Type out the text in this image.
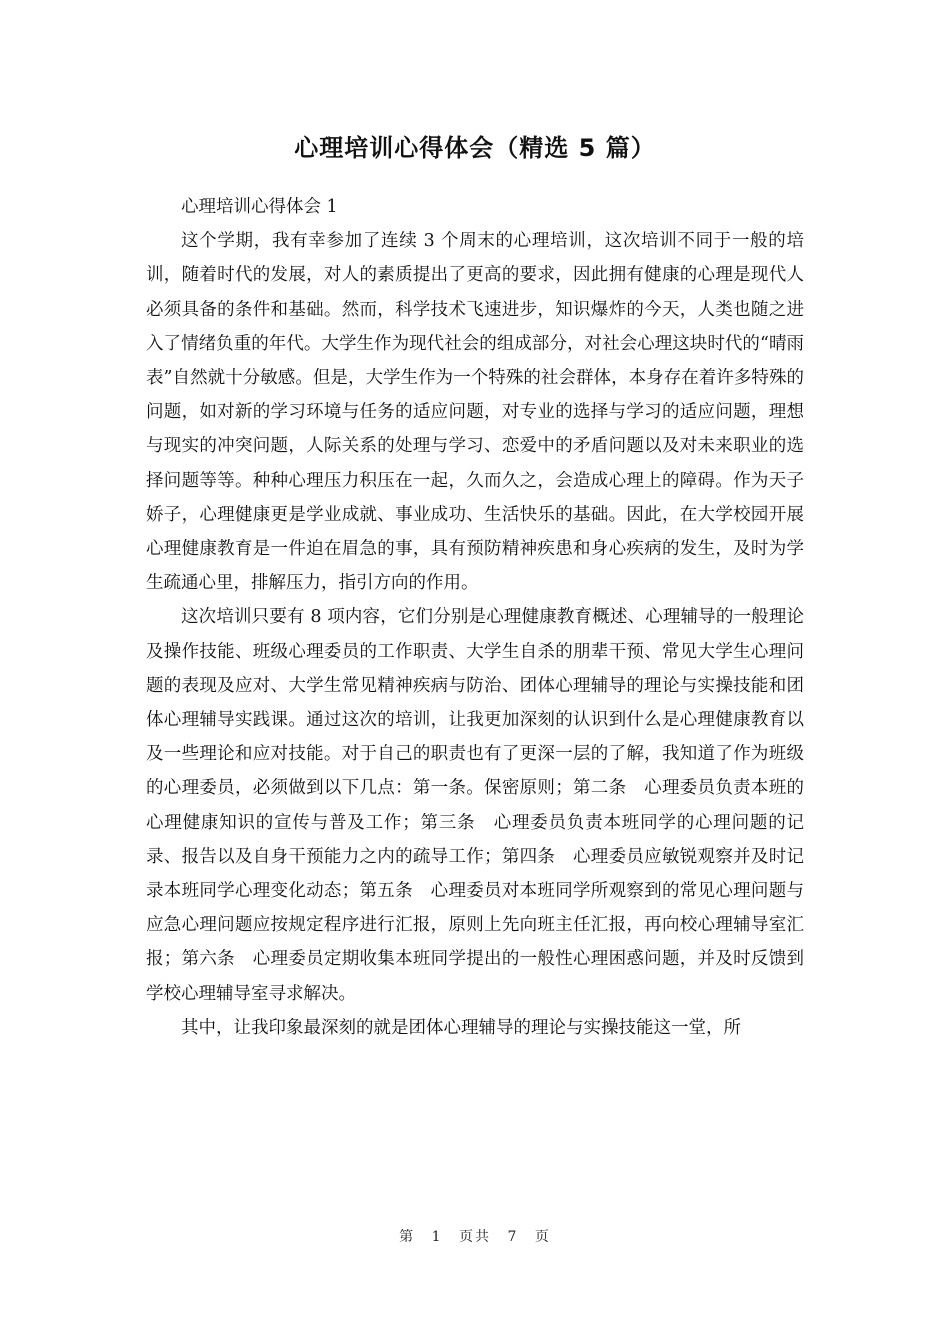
心理培训心得体会（精选 5 篇）

心理培训心得体会 1

这个学期，我有幸参加了连续 3 个周末的心理培训，这次培训不同于一般的培训，随着时代的发展，对人的素质提出了更高的要求，因此拥有健康的心理是现代人必须具备的条件和基础。然而，科学技术飞速进步，知识爆炸的今天，人类也随之进入了情绪负重的年代。大学生作为现代社会的组成部分，对社会心理这块时代的“晴雨表”自然就十分敏感。但是，大学生作为一个特殊的社会群体，本身存在着许多特殊的问题，如对新的学习环境与任务的适应问题，对专业的选择与学习的适应问题，理想与现实的冲突问题，人际关系的处理与学习、恋爱中的矛盾问题以及对未来职业的选择问题等等。种种心理压力积压在一起，久而久之，会造成心理上的障碍。作为天子娇子，心理健康更是学业成就、事业成功、生活快乐的基础。因此，在大学校园开展心理健康教育是一件迫在眉急的事，具有预防精神疾患和身心疾病的发生，及时为学生疏通心里，排解压力，指引方向的作用。

这次培训只要有 8 项内容，它们分别是心理健康教育概述、心理辅导的一般理论及操作技能、班级心理委员的工作职责、大学生自杀的朋辈干预、常见大学生心理问题的表现及应对、大学生常见精神疾病与防治、团体心理辅导的理论与实操技能和团体心理辅导实践课。通过这次的培训，让我更加深刻的认识到什么是心理健康教育以及一些理论和应对技能。对于自己的职责也有了更深一层的了解，我知道了作为班级的心理委员，必须做到以下几点：第一条。保密原则；第二条　心理委员负责本班的心理健康知识的宣传与普及工作；第三条　心理委员负责本班同学的心理问题的记录、报告以及自身干预能力之内的疏导工作；第四条　心理委员应敏锐观察并及时记录本班同学心理变化动态；第五条　心理委员对本班同学所观察到的常见心理问题与应急心理问题应按规定程序进行汇报，原则上先向班主任汇报，再向校心理辅导室汇报；第六条　心理委员定期收集本班同学提出的一般性心理困惑问题，并及时反馈到学校心理辅导室寻求解决。

其中，让我印象最深刻的就是团体心理辅导的理论与实操技能这一堂，所

第 1 页共 7 页
